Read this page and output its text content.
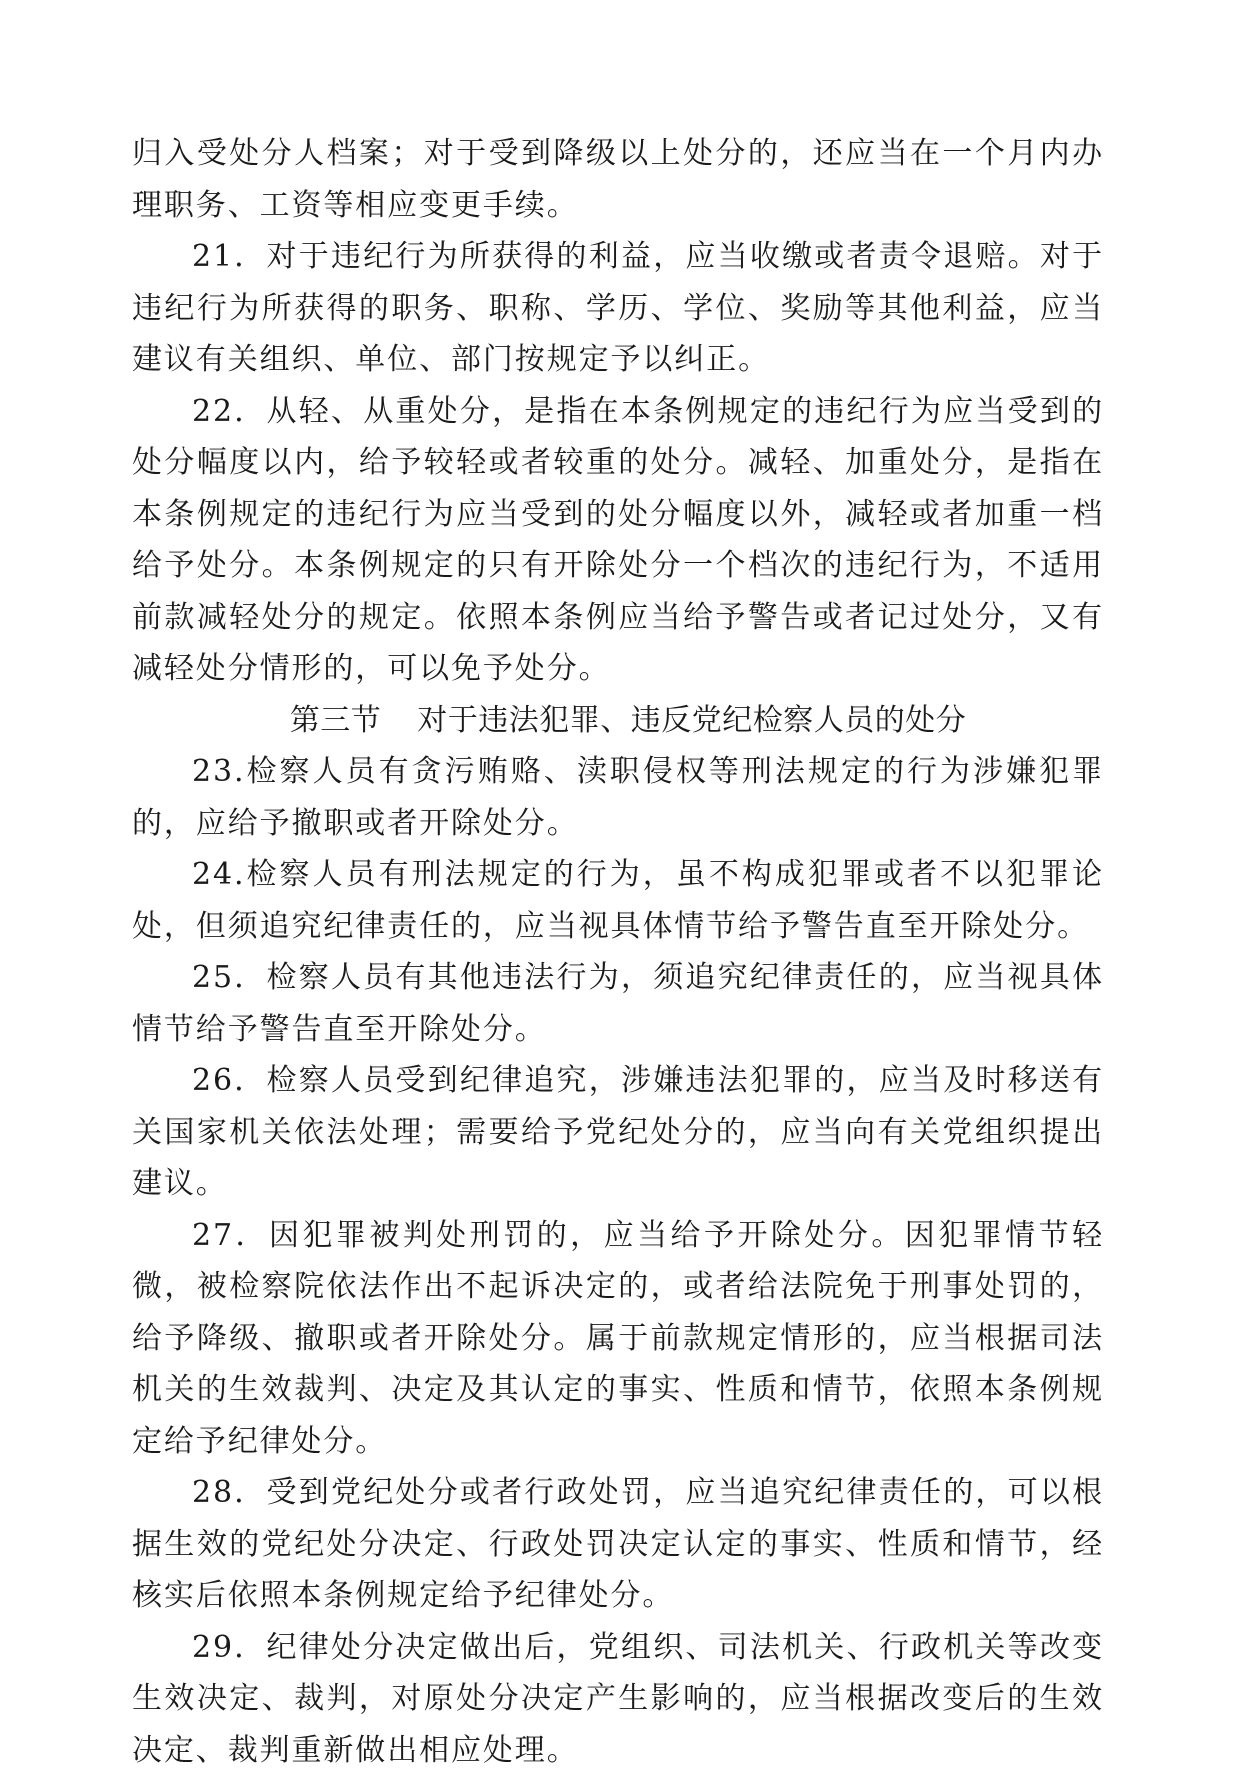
归入受处分人档案；对于受到降级以上处分的，还应当在一个月内办理职务、工资等相应变更手续。

21．对于违纪行为所获得的利益，应当收缴或者责令退赔。对于违纪行为所获得的职务、职称、学历、学位、奖励等其他利益，应当建议有关组织、单位、部门按规定予以纠正。

22．从轻、从重处分，是指在本条例规定的违纪行为应当受到的处分幅度以内，给予较轻或者较重的处分。减轻、加重处分，是指在本条例规定的违纪行为应当受到的处分幅度以外，减轻或者加重一档给予处分。本条例规定的只有开除处分一个档次的违纪行为，不适用前款减轻处分的规定。依照本条例应当给予警告或者记过处分，又有减轻处分情形的，可以免予处分。

第三节 对于违法犯罪、违反党纪检察人员的处分

23.检察人员有贪污贿赂、渎职侵权等刑法规定的行为涉嫌犯罪的，应给予撤职或者开除处分。

24.检察人员有刑法规定的行为，虽不构成犯罪或者不以犯罪论处，但须追究纪律责任的，应当视具体情节给予警告直至开除处分。

25．检察人员有其他违法行为，须追究纪律责任的，应当视具体情节给予警告直至开除处分。

26．检察人员受到纪律追究，涉嫌违法犯罪的，应当及时移送有关国家机关依法处理；需要给予党纪处分的，应当向有关党组织提出建议。

27．因犯罪被判处刑罚的，应当给予开除处分。因犯罪情节轻微，被检察院依法作出不起诉决定的，或者给法院免于刑事处罚的，给予降级、撤职或者开除处分。属于前款规定情形的，应当根据司法机关的生效裁判、决定及其认定的事实、性质和情节，依照本条例规定给予纪律处分。

28．受到党纪处分或者行政处罚，应当追究纪律责任的，可以根据生效的党纪处分决定、行政处罚决定认定的事实、性质和情节，经核实后依照本条例规定给予纪律处分。

29．纪律处分决定做出后，党组织、司法机关、行政机关等改变生效决定、裁判，对原处分决定产生影响的，应当根据改变后的生效决定、裁判重新做出相应处理。
